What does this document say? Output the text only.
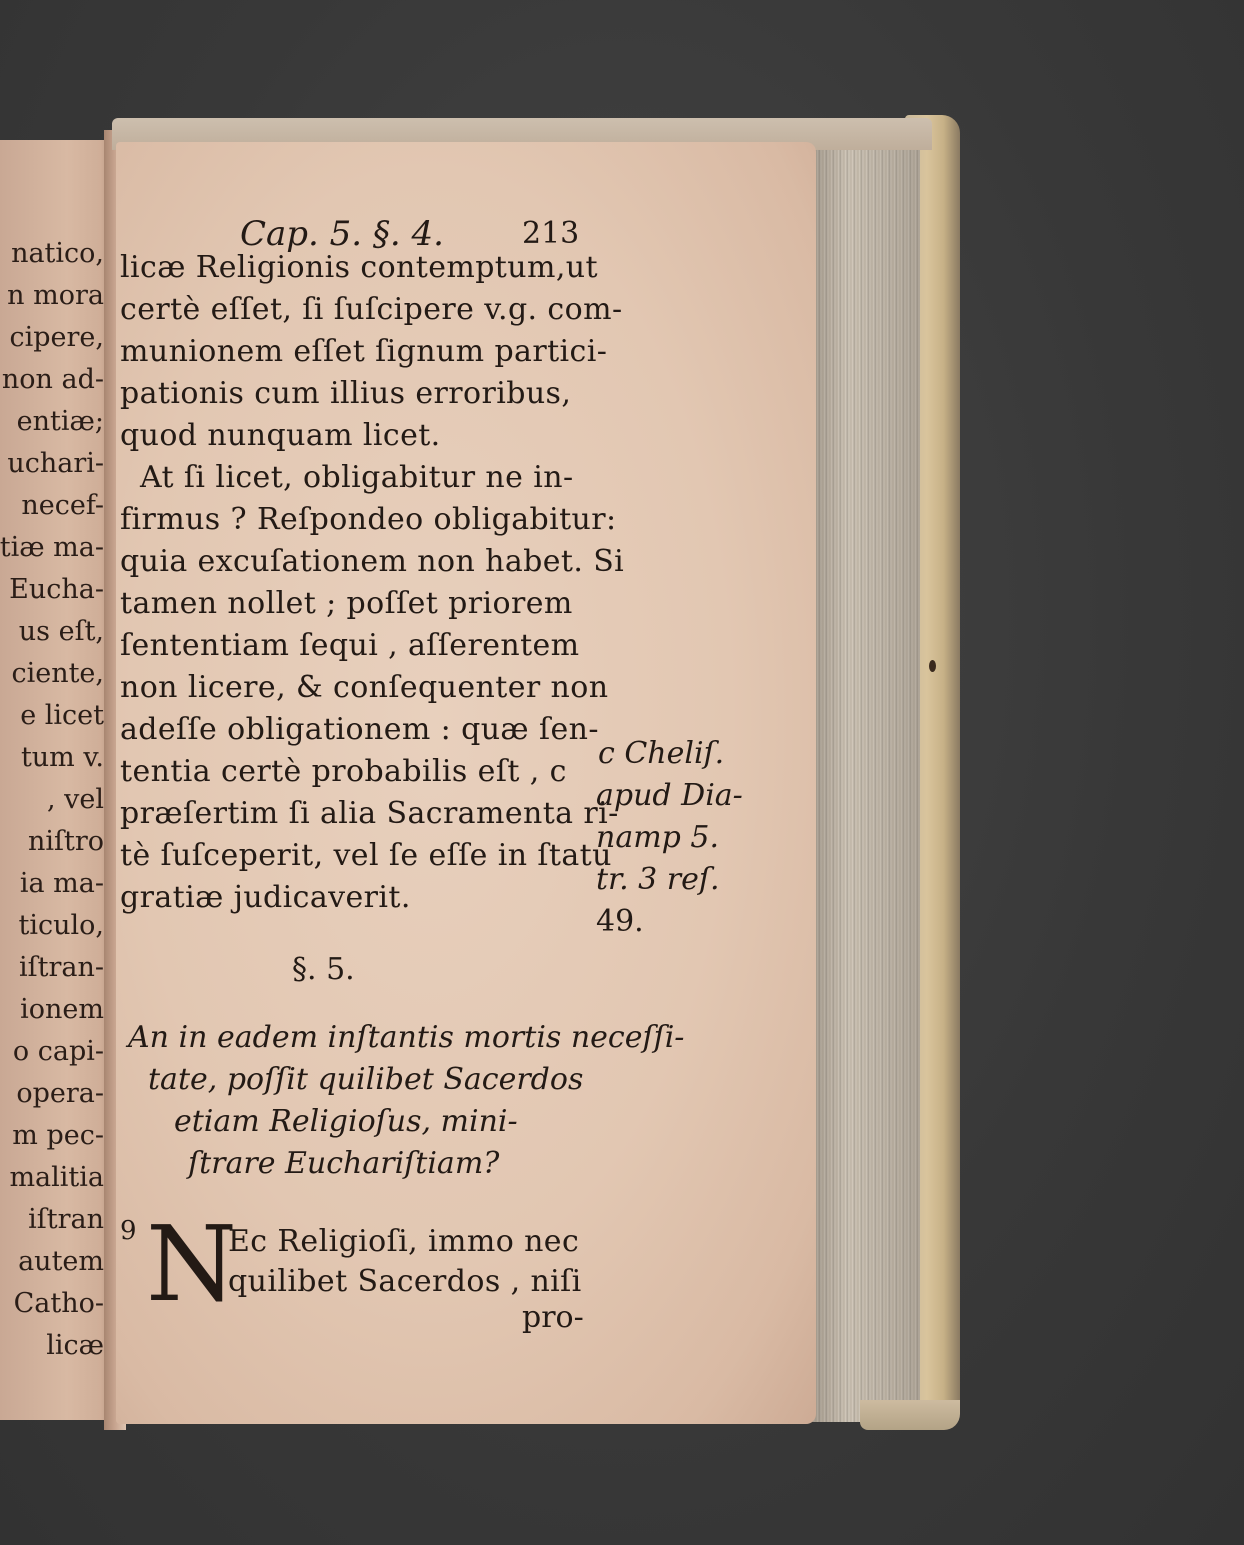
natico,
n mora
cipere,
non ad-
entiæ;
uchari-
necef-
tiæ ma-
Eucha-
us eſt,
ciente,
e licet
tum v.
, vel
niſtro
ia ma-
ticulo,
iſtran-
ionem
o capi-
opera-
m pec-
malitia
iſtran
autem
Catho-
licæ
Cap. 5. §. 4.	213
licæ Religionis contemptum,ut
certè eſſet, ſi ſuſcipere v.g. com-
munionem eſſet ſignum partici-
pationis cum illius erroribus,
quod nunquam licet.
At ſi licet, obligabitur ne in-
firmus ? Reſpondeo obligabitur:
quia excuſationem non habet. Si
tamen nollet ; poſſet priorem
ſententiam ſequi , aſſerentem
non licere, & conſequenter non
adeſſe obligationem : quæ ſen-
tentia certè probabilis eſt , c
præſertim ſi alia Sacramenta ri-
tè ſuſceperit, vel ſe eſſe in ſtatu
gratiæ judicaverit.
c Cheliſ.
apud Dia-
namp 5.
tr. 3 reſ.
49.
§. 5.
An in eadem inſtantis mortis neceſſi-
tate, poſſit quilibet Sacerdos
etiam Religioſus, mini-
ſtrare Euchariſtiam?
9 N
Ec Religioſi, immo nec
quilibet Sacerdos , niſi
pro-
